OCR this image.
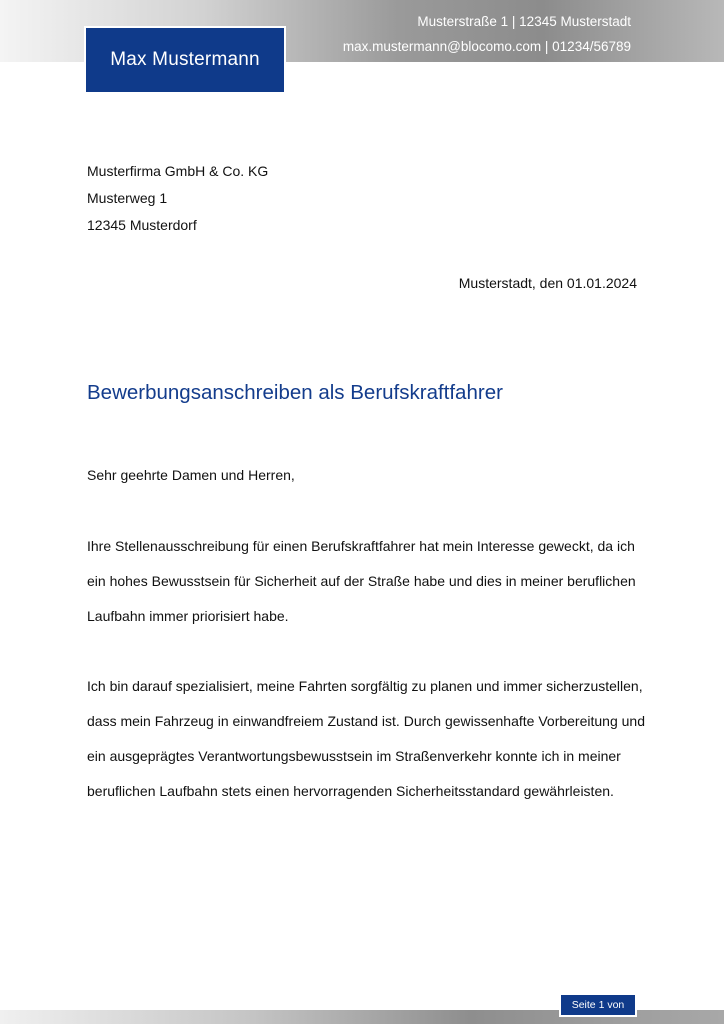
Musterstraße 1 | 12345 Musterstadt
max.mustermann@blocomo.com | 01234/56789
Max Mustermann
Musterfirma GmbH & Co. KG
Musterweg 1
12345 Musterdorf
Musterstadt, den 01.01.2024
Bewerbungsanschreiben als Berufskraftfahrer
Sehr geehrte Damen und Herren,

Ihre Stellenausschreibung für einen Berufskraftfahrer hat mein Interesse geweckt, da ich ein hohes Bewusstsein für Sicherheit auf der Straße habe und dies in meiner beruflichen Laufbahn immer priorisiert habe.

Ich bin darauf spezialisiert, meine Fahrten sorgfältig zu planen und immer sicherzustellen, dass mein Fahrzeug in einwandfreiem Zustand ist. Durch gewissenhafte Vorbereitung und ein ausgeprägtes Verantwortungsbewusstsein im Straßenverkehr konnte ich in meiner beruflichen Laufbahn stets einen hervorragenden Sicherheitsstandard gewährleisten.

Seite 1 von
